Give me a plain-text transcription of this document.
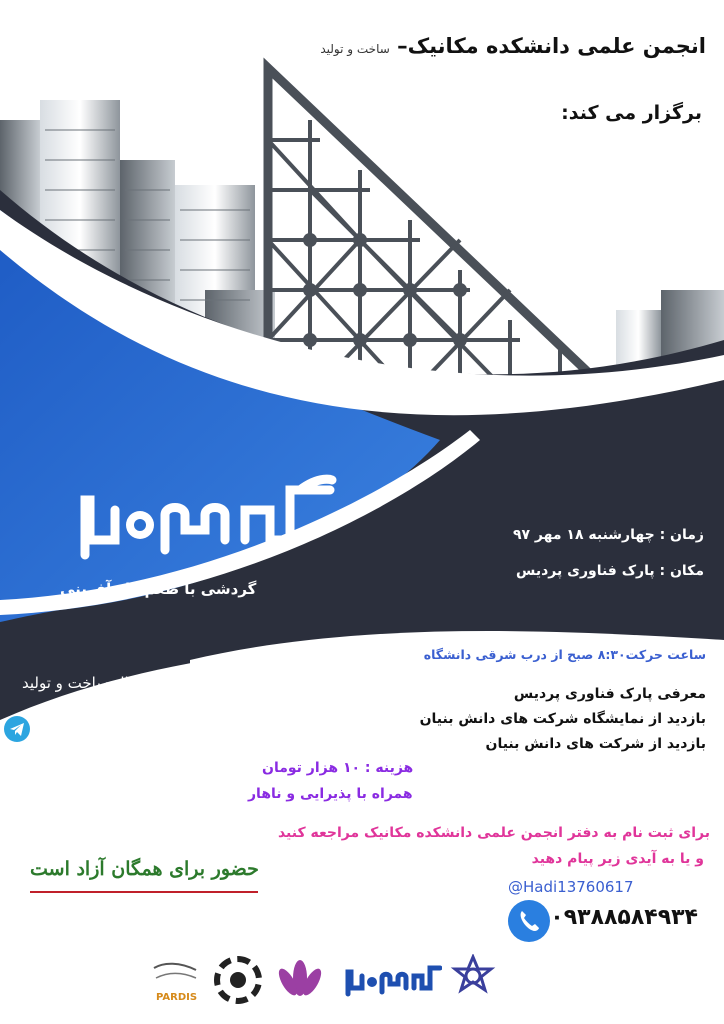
انجمن علمی دانشکده مکانیک– ساخت و تولید
برگزار می کند:
گردشی با طعم کار آفرینی
زمان : چهارشنبه ۱۸ مهر ۹۷
مکان : پارک فناوری پردیس
ساعت حرکت۸:۳۰ صبح از درب شرقی دانشگاه
معرفی پارک فناوری پردیس
بازدید از نمایشگاه شرکت های دانش بنیان
بازدید از شرکت های دانش بنیان
هزینه : ۱۰ هزار تومان
همراه با پذیرایی و ناهار
آیدی کانال ساخت و تولید
@sakhtoTolid-sru
برای ثبت نام به دفتر انجمن علمی دانشکده مکانیک مراجعه کنید
و یا به آیدی زیر پیام دهید
@Hadi13760617
۰۹۳۸۸۵۸۴۹۳۴
حضور برای همگان آزاد است
PARDIS
